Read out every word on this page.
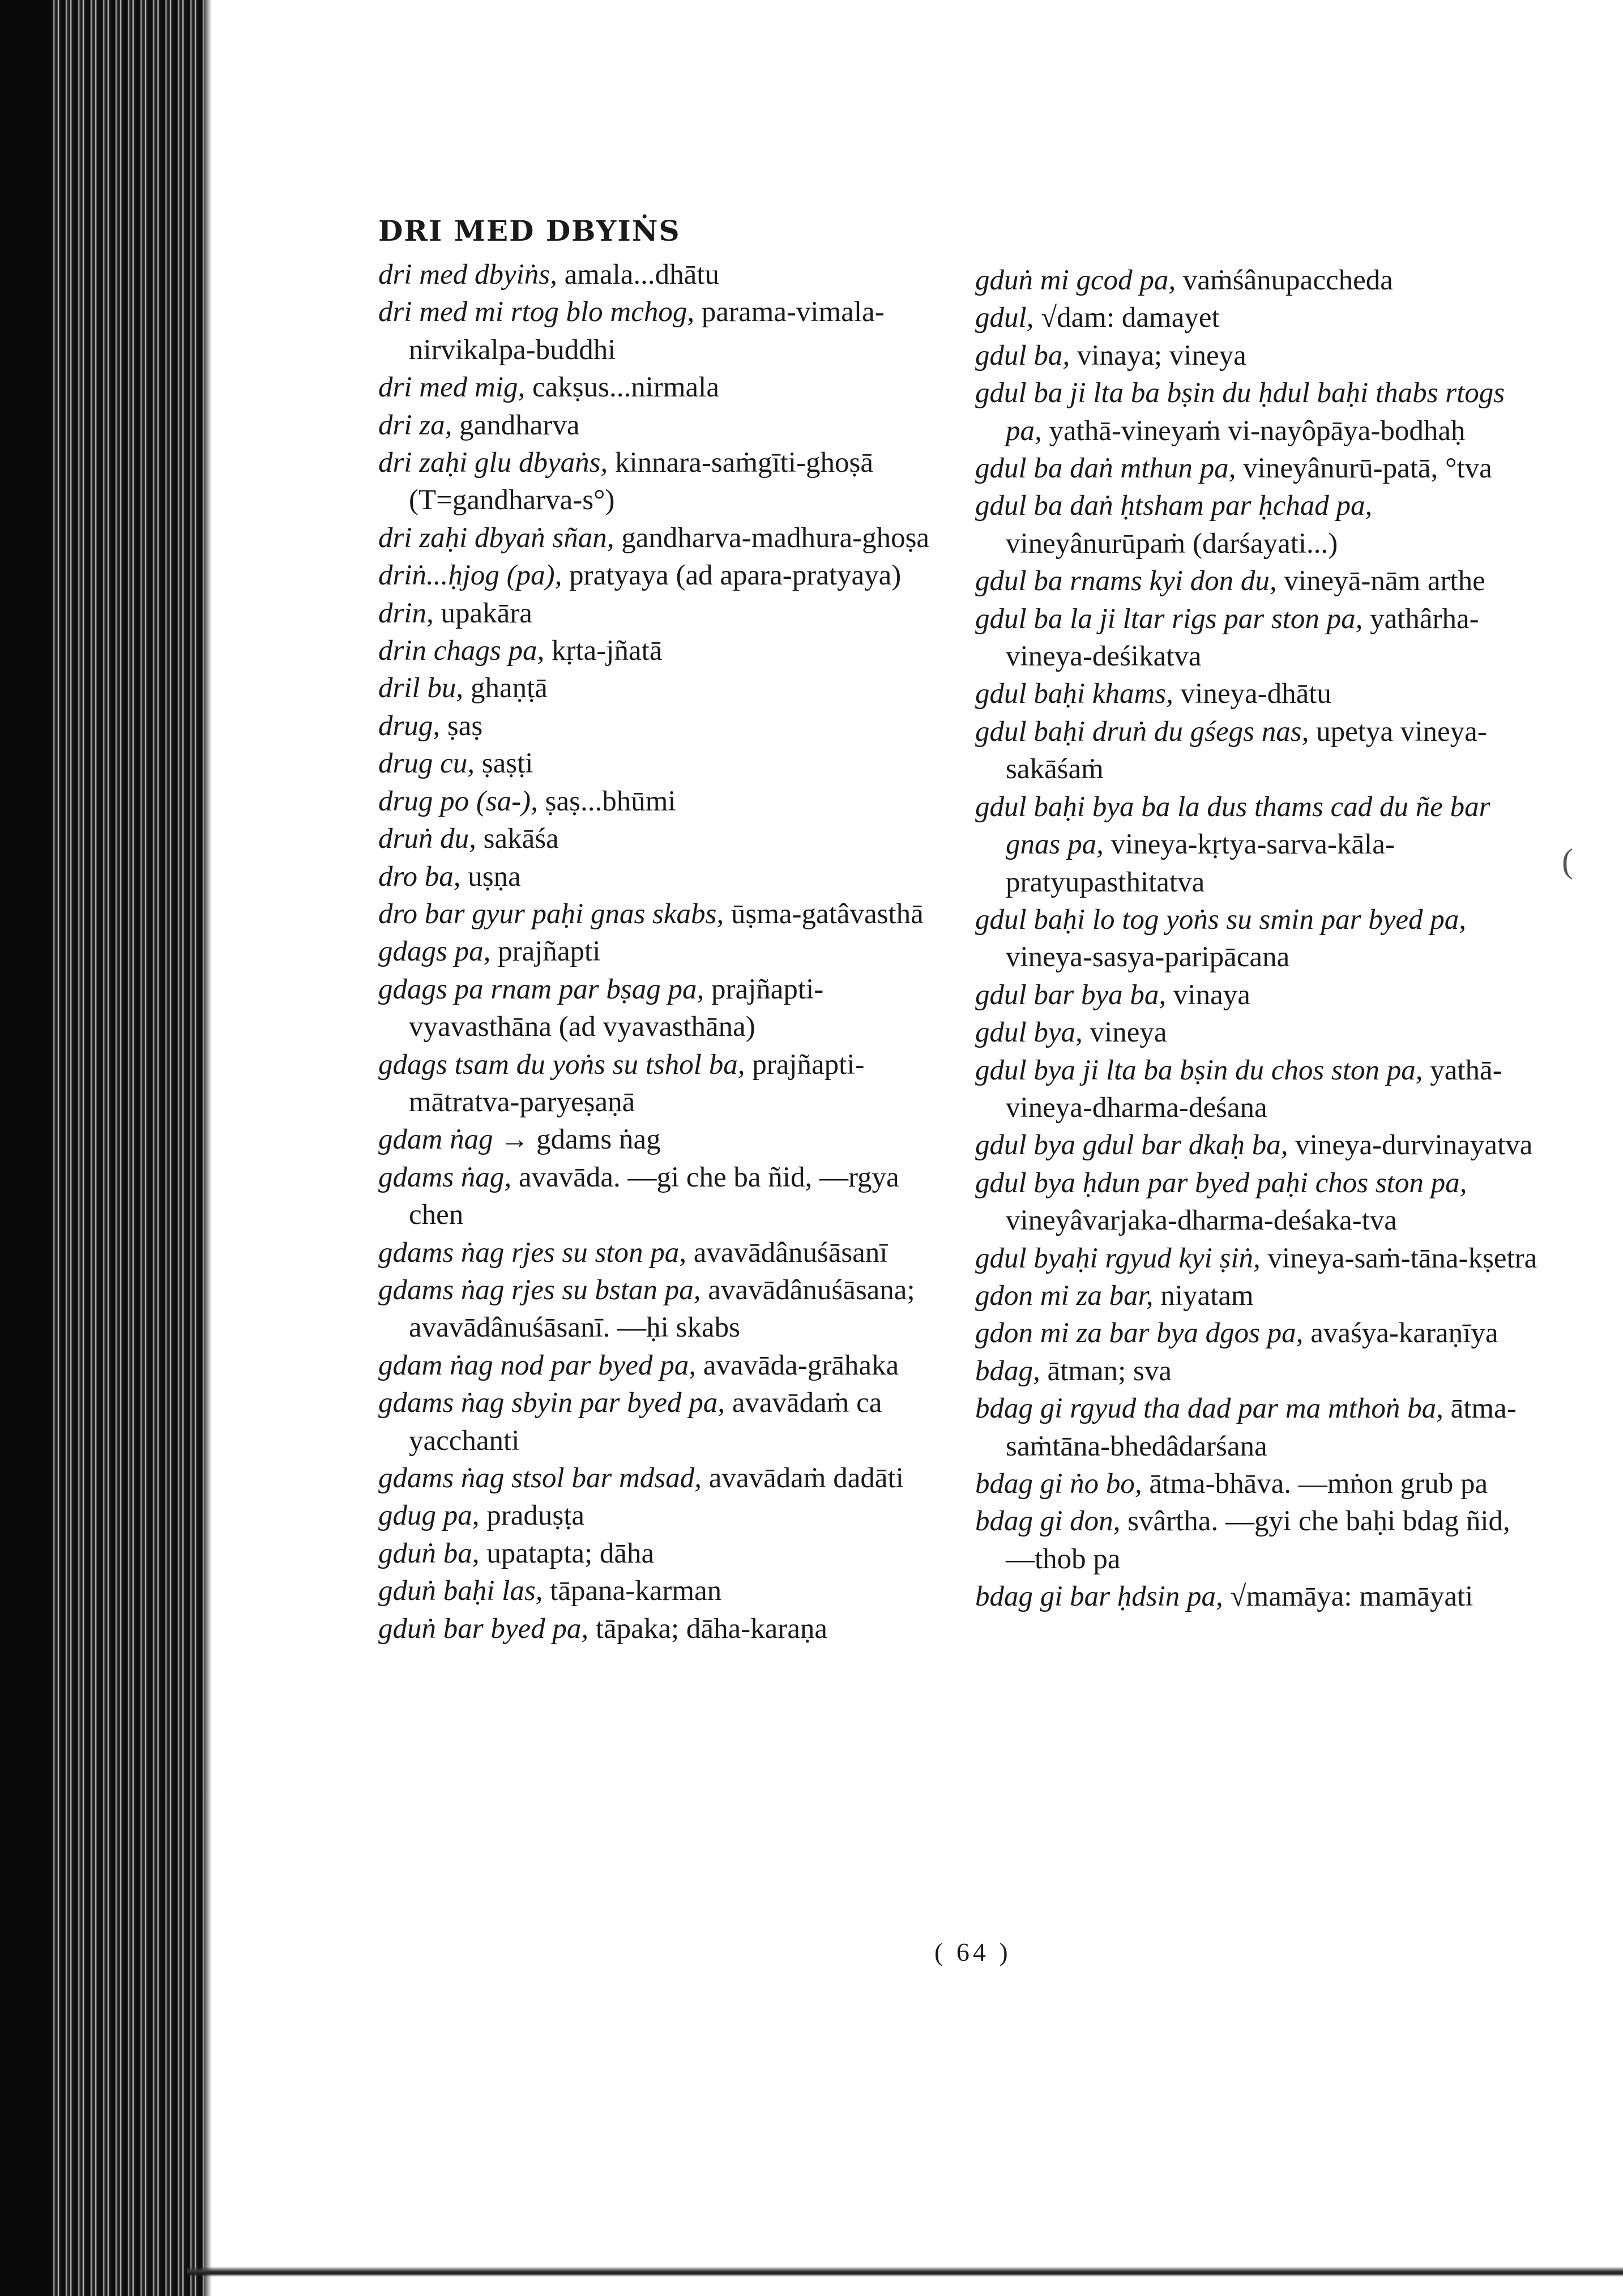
DRI MED DBYIṄS
dri med dbyiṅs, amala...dhātu
dri med mi rtog blo mchog, parama-vimala-nirvikalpa-buddhi
dri med mig, cakṣus...nirmala
dri za, gandharva
dri zaḥi glu dbyaṅs, kinnara-saṁgīti-ghoṣā (T=gandharva-s°)
dri zaḥi dbyaṅ sñan, gandharva-madhura-ghoṣa
driṅ...ḥjog (pa), pratyaya (ad apara-pratyaya)
drin, upakāra
drin chags pa, kṛta-jñatā
dril bu, ghaṇṭā
drug, ṣaṣ
drug cu, ṣaṣṭi
drug po (sa-), ṣaṣ...bhūmi
druṅ du, sakāśa
dro ba, uṣṇa
dro bar gyur paḥi gnas skabs, ūṣma-gatâvasthā
gdags pa, prajñapti
gdags pa rnam par bṣag pa, prajñapti-vyavasthāna (ad vyavasthāna)
gdags tsam du yoṅs su tshol ba, prajñapti-mātratva-paryeṣaṇā
gdam ṅag → gdams ṅag
gdams ṅag, avavāda. —gi che ba ñid, —rgya chen
gdams ṅag rjes su ston pa, avavādânuśāsanī
gdams ṅag rjes su bstan pa, avavādânuśāsana; avavādânuśāsanī. —ḥi skabs
gdam ṅag nod par byed pa, avavāda-grāhaka
gdams ṅag sbyin par byed pa, avavādaṁ ca yacchanti
gdams ṅag stsol bar mdsad, avavādaṁ dadāti
gdug pa, praduṣṭa
gduṅ ba, upatapta; dāha
gduṅ baḥi las, tāpana-karman
gduṅ bar byed pa, tāpaka; dāha-karaṇa
gduṅ mi gcod pa, vaṁśânupaccheda
gdul, √dam: damayet
gdul ba, vinaya; vineya
gdul ba ji lta ba bṣin du ḥdul baḥi thabs rtogs pa, yathā-vineyaṁ vi-nayôpāya-bodhaḥ
gdul ba daṅ mthun pa, vineyânurū-patā, °tva
gdul ba daṅ ḥtsham par ḥchad pa, vineyânurūpaṁ (darśayati...)
gdul ba rnams kyi don du, vineyā-nām arthe
gdul ba la ji ltar rigs par ston pa, yathârha-vineya-deśikatva
gdul baḥi khams, vineya-dhātu
gdul baḥi druṅ du gśegs nas, upetya vineya-sakāśaṁ
gdul baḥi bya ba la dus thams cad du ñe bar gnas pa, vineya-kṛtya-sarva-kāla-pratyupasthitatva
gdul baḥi lo tog yoṅs su smin par byed pa, vineya-sasya-paripācana
gdul bar bya ba, vinaya
gdul bya, vineya
gdul bya ji lta ba bṣin du chos ston pa, yathā-vineya-dharma-deśana
gdul bya gdul bar dkaḥ ba, vineya-durvinayatva
gdul bya ḥdun par byed paḥi chos ston pa, vineyâvarjaka-dharma-deśaka-tva
gdul byaḥi rgyud kyi ṣiṅ, vineya-saṁ-tāna-kṣetra
gdon mi za bar, niyatam
gdon mi za bar bya dgos pa, avaśya-karaṇīya
bdag, ātman; sva
bdag gi rgyud tha dad par ma mthoṅ ba, ātma-saṁtāna-bhedâdarśana
bdag gi ṅo bo, ātma-bhāva. —mṅon grub pa
bdag gi don, svârtha. —gyi che baḥi bdag ñid, —thob pa
bdag gi bar ḥdsin pa, √mamāya: mamāyati
(
( 64 )
